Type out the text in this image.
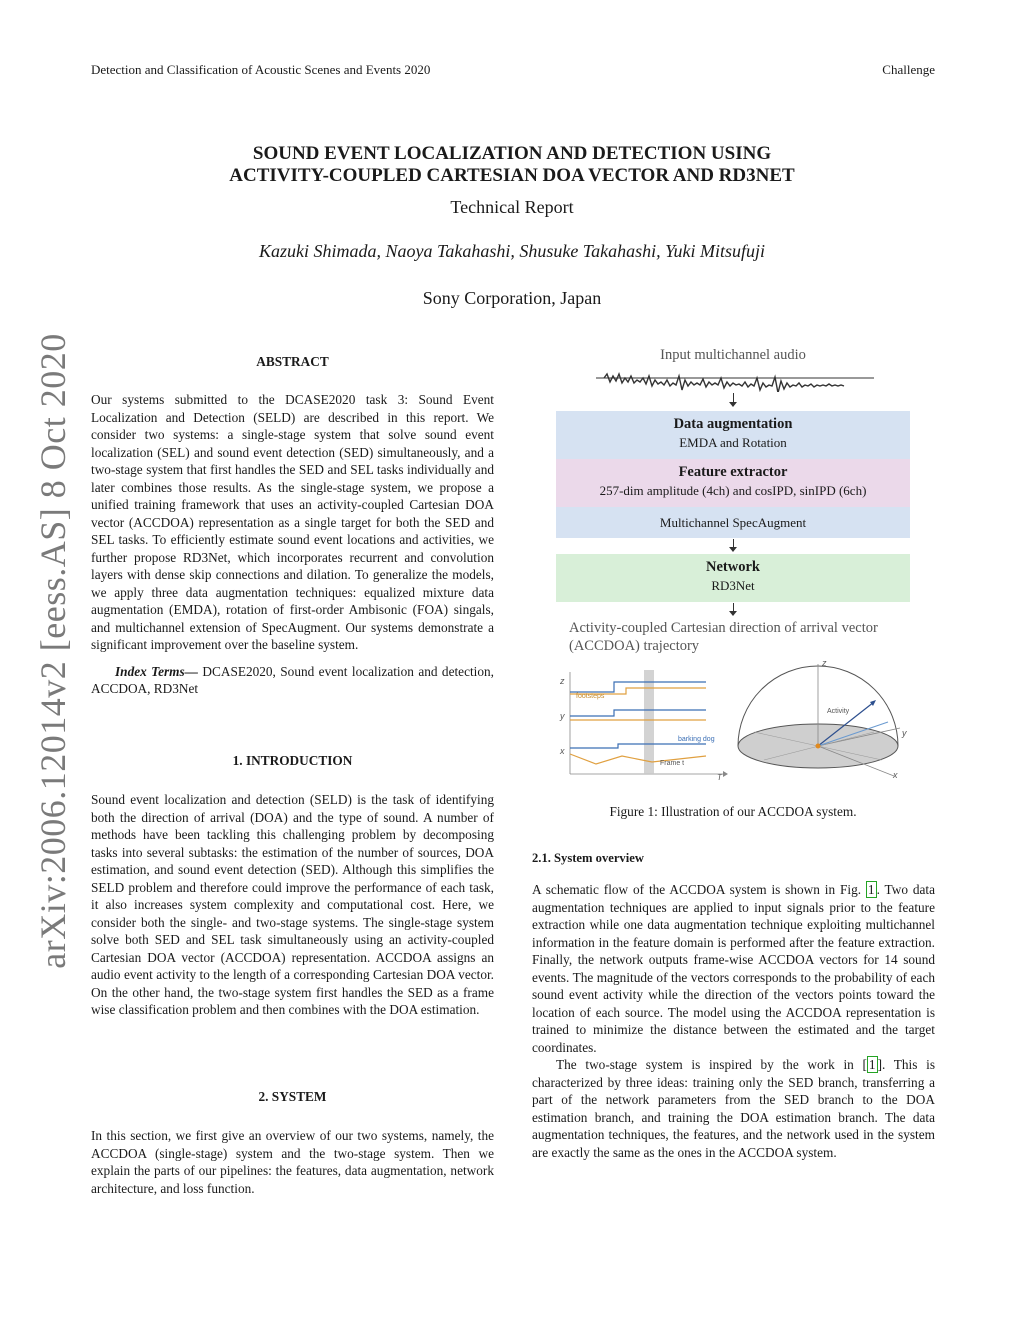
Detection and Classification of Acoustic Scenes and Events 2020	Challenge
arXiv:2006.12014v2 [eess.AS] 8 Oct 2020
SOUND EVENT LOCALIZATION AND DETECTION USING
ACTIVITY-COUPLED CARTESIAN DOA VECTOR AND RD3NET
Technical Report
Kazuki Shimada, Naoya Takahashi, Shusuke Takahashi, Yuki Mitsufuji
Sony Corporation, Japan
ABSTRACT

Our systems submitted to the DCASE2020 task 3: Sound Event Localization and Detection (SELD) are described in this report. We consider two systems: a single-stage system that solve sound event localization (SEL) and sound event detection (SED) simultaneously, and a two-stage system that first handles the SED and SEL tasks individually and later combines those results. As the single-stage system, we propose a unified training framework that uses an activity-coupled Cartesian DOA vector (ACCDOA) representation as a single target for both the SED and SEL tasks. To efficiently estimate sound event locations and activities, we further propose RD3Net, which incorporates recurrent and convolution layers with dense skip connections and dilation. To generalize the models, we apply three data augmentation techniques: equalized mixture data augmentation (EMDA), rotation of first-order Ambisonic (FOA) singals, and multichannel extension of SpecAugment. Our systems demonstrate a significant improvement over the baseline system.

Index Terms— DCASE2020, Sound event localization and detection, ACCDOA, RD3Net

1. INTRODUCTION
Sound event localization and detection (SELD) is the task of identifying both the direction of arrival (DOA) and the type of sound. A number of methods have been tackling this challenging problem by decomposing tasks into several subtasks: the estimation of the number of sources, DOA estimation, and sound event detection (SED). Although this simplifies the SELD problem and therefore could improve the performance of each task, it also increases system complexity and computational cost. Here, we consider both the single- and two-stage systems. The single-stage system solve both SED and SEL task simultaneously using an activity-coupled Cartesian DOA vector (ACCDOA) representation. ACCDOA assigns an audio event activity to the length of a corresponding Cartesian DOA vector. On the other hand, the two-stage system first handles the SED as a frame wise classification problem and then combines with the DOA estimation.
2. SYSTEM
In this section, we first give an overview of our two systems, namely, the ACCDOA (single-stage) system and the two-stage system. Then we explain the parts of our pipelines: the features, data augmentation, network architecture, and loss function.
Input multichannel audio
Data augmentation
EMDA and Rotation
Feature extractor
257-dim amplitude (4ch) and cosIPD, sinIPD (6ch)
Multichannel SpecAugment
Network
RD3Net
Activity-coupled Cartesian direction of arrival vector
(ACCDOA) trajectory
z
y
x
footsteps
barking dog
Frame t
T
z
y
x
Activity
Figure 1: Illustration of our ACCDOA system.
2.1. System overview

A schematic flow of the ACCDOA system is shown in Fig. 1 . Two data augmentation techniques are applied to input signals prior to the feature extraction while one data augmentation technique exploiting multichannel information in the feature domain is performed after the feature extraction. Finally, the network outputs frame-wise ACCDOA vectors for 14 sound events. The magnitude of the vectors corresponds to the probability of each sound event activity while the direction of the vectors points toward the location of each source. The model using the ACCDOA representation is trained to minimize the distance between the estimated and the target coordinates.

The two-stage system is inspired by the work in [ 1 ]. This is characterized by three ideas: training only the SED branch, transferring a part of the network parameters from the SED branch to the DOA estimation branch, and training the DOA estimation branch. The data augmentation techniques, the features, and the network used in the system are exactly the same as the ones in the ACCDOA system.
